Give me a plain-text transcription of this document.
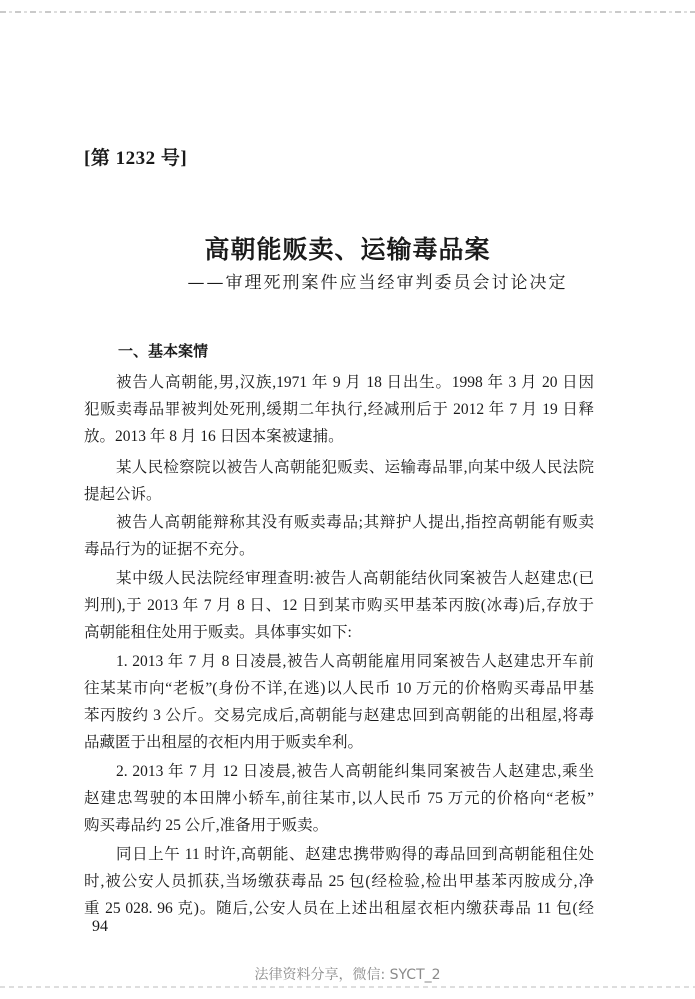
[第 1232 号]
高朝能贩卖、运输毒品案
——审理死刑案件应当经审判委员会讨论决定
一、基本案情
被告人高朝能,男,汉族,1971 年 9 月 18 日出生。1998 年 3 月 20 日因
犯贩卖毒品罪被判处死刑,缓期二年执行,经减刑后于 2012 年 7 月 19 日释
放。2013 年 8 月 16 日因本案被逮捕。
某人民检察院以被告人高朝能犯贩卖、运输毒品罪,向某中级人民法院
提起公诉。
被告人高朝能辩称其没有贩卖毒品;其辩护人提出,指控高朝能有贩卖
毒品行为的证据不充分。
某中级人民法院经审理查明:被告人高朝能结伙同案被告人赵建忠(已
判刑),于 2013 年 7 月 8 日、12 日到某市购买甲基苯丙胺(冰毒)后,存放于
高朝能租住处用于贩卖。具体事实如下:
1. 2013 年 7 月 8 日凌晨,被告人高朝能雇用同案被告人赵建忠开车前
往某某市向“老板”(身份不详,在逃)以人民币 10 万元的价格购买毒品甲基
苯丙胺约 3 公斤。交易完成后,高朝能与赵建忠回到高朝能的出租屋,将毒
品藏匿于出租屋的衣柜内用于贩卖牟利。
2. 2013 年 7 月 12 日凌晨,被告人高朝能纠集同案被告人赵建忠,乘坐
赵建忠驾驶的本田牌小轿车,前往某市,以人民币 75 万元的价格向“老板”
购买毒品约 25 公斤,准备用于贩卖。
同日上午 11 时许,高朝能、赵建忠携带购得的毒品回到高朝能租住处
时,被公安人员抓获,当场缴获毒品 25 包(经检验,检出甲基苯丙胺成分,净
重 25 028. 96 克)。随后,公安人员在上述出租屋衣柜内缴获毒品 11 包(经
94
法律资料分享，微信: SYCT_2
